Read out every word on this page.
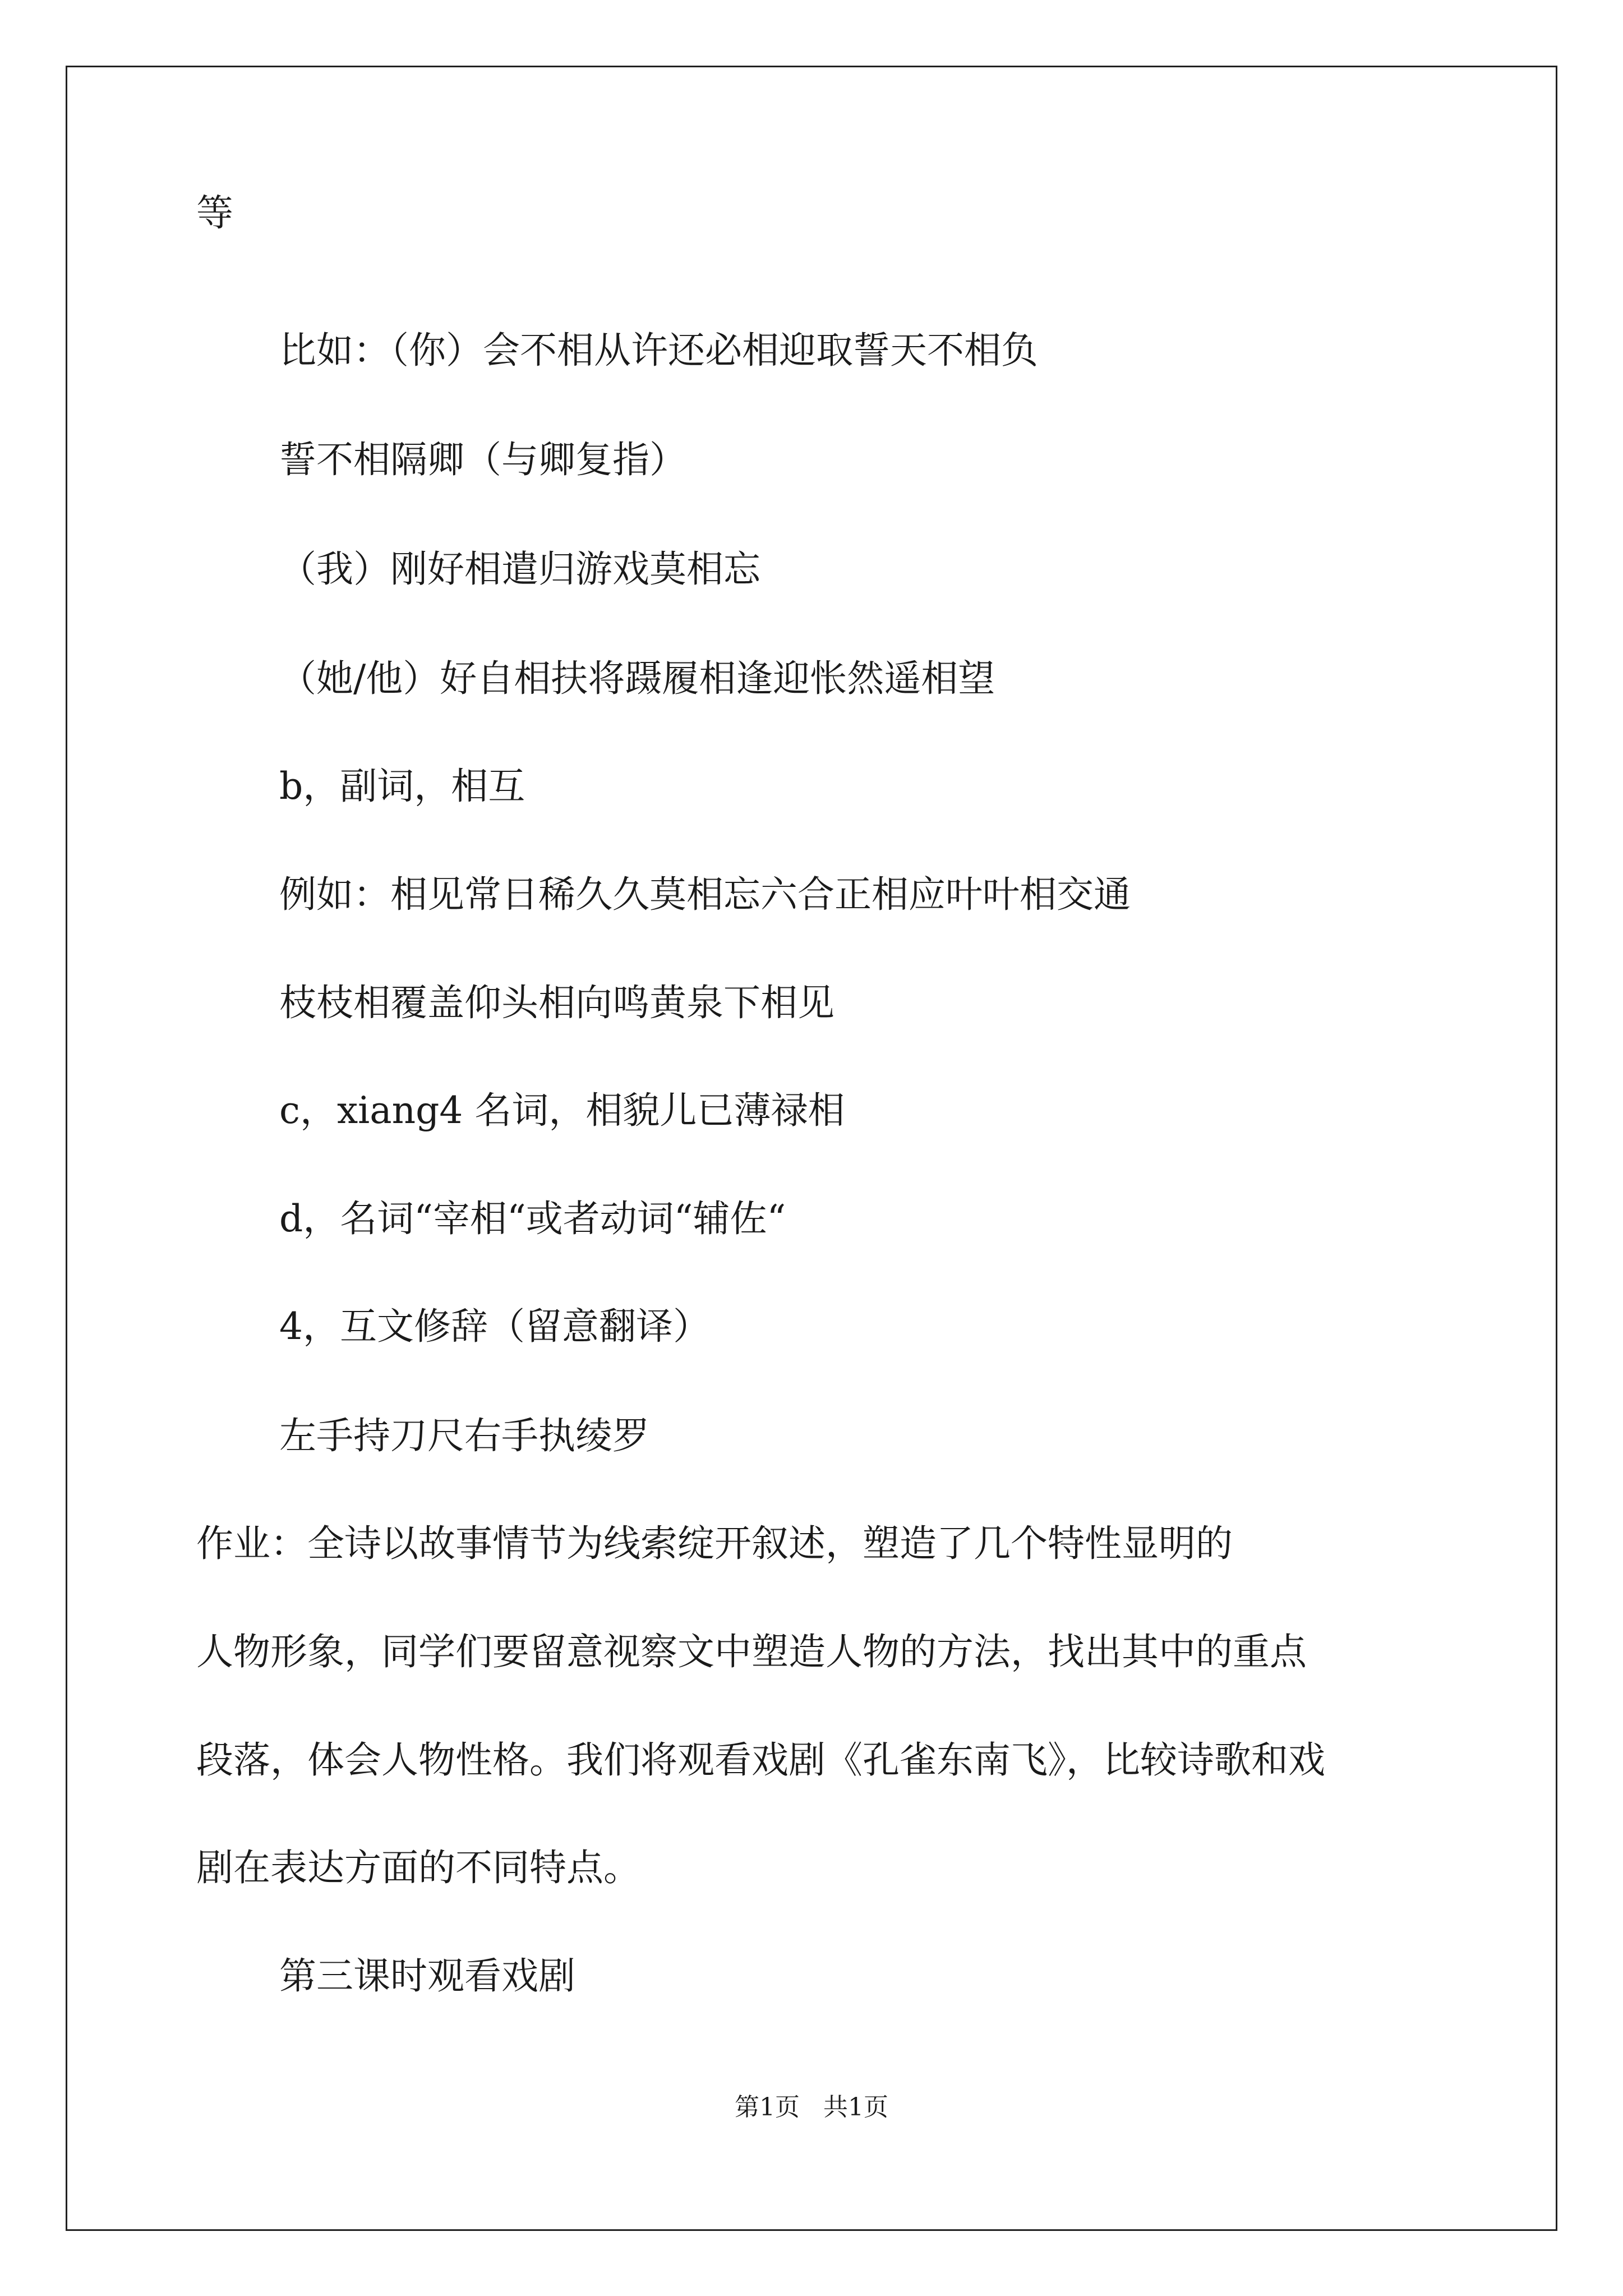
等
比如：（你）会不相从许还必相迎取誓天不相负
誓不相隔卿（与卿复指）
（我）刚好相遣归游戏莫相忘
（她/他）好自相扶将蹑履相逢迎怅然遥相望
b，副词，相互
例如：相见常日稀久久莫相忘六合正相应叶叶相交通
枝枝相覆盖仰头相向鸣黄泉下相见
c，xiang4 名词，相貌儿已薄禄相
d，名词“宰相“或者动词“辅佐“
4，互文修辞（留意翻译）
左手持刀尺右手执绫罗
作业：全诗以故事情节为线索绽开叙述，塑造了几个特性显明的
人物形象，同学们要留意视察文中塑造人物的方法，找出其中的重点
段落，体会人物性格。我们将观看戏剧《孔雀东南飞》，比较诗歌和戏
剧在表达方面的不同特点。
第三课时观看戏剧
第1页 共1页
